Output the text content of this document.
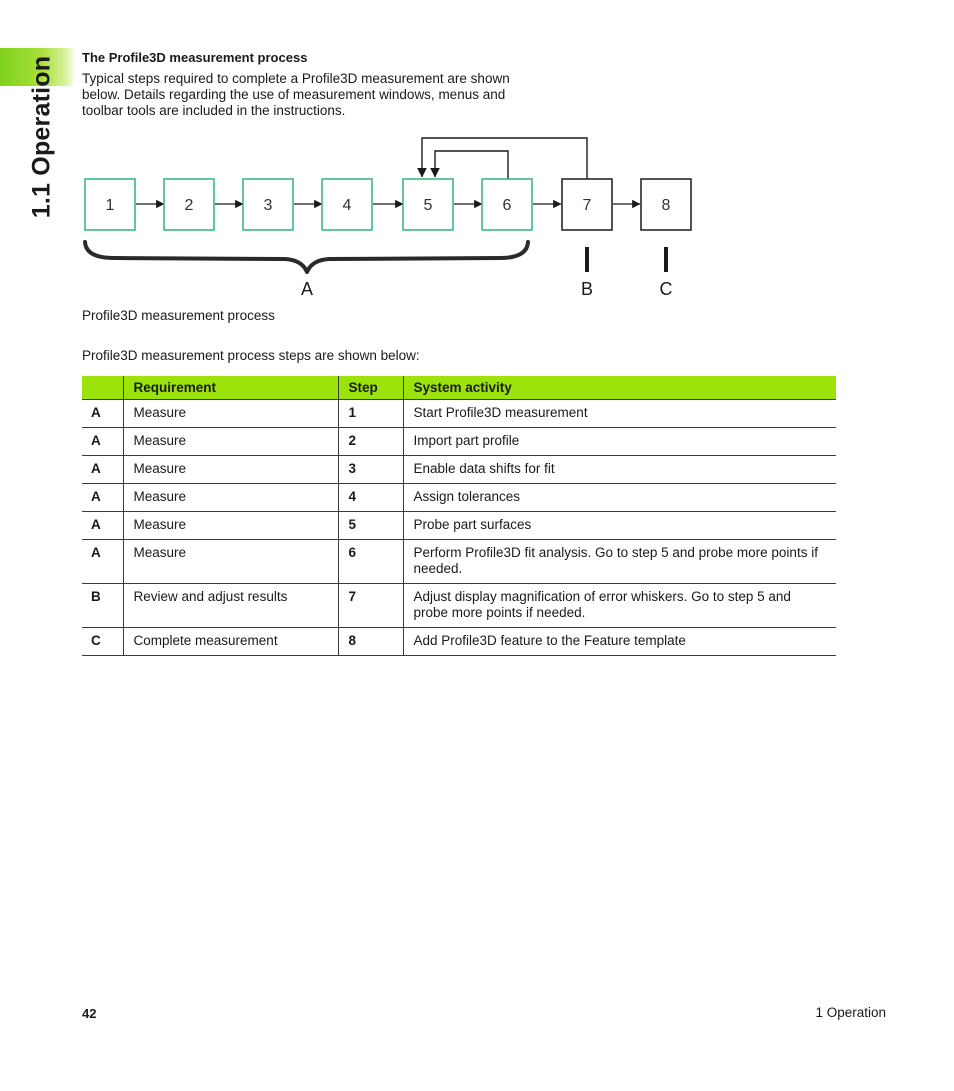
1.1 Operation The Profile3D measurement process
Typical steps required to complete a Profile3D measurement are shown below. Details regarding the use of measurement windows, menus and toolbar tools are included in the instructions.
1	2	3	4	5	6	7	8
A	B	C
Profile3D measurement process
Profile3D measurement process steps are shown below:
	Requirement	Step	System activity
A	Measure	1	Start Profile3D measurement
A	Measure	2	Import part profile
A	Measure	3	Enable data shifts for fit
A	Measure	4	Assign tolerances
A	Measure	5	Probe part surfaces
A	Measure	6	Perform Profile3D fit analysis. Go to step 5 and probe more points if needed.
B	Review and adjust results	7	Adjust display magnification of error whiskers. Go to step 5 and probe more points if needed.
C	Complete measurement	8	Add Profile3D feature to the Feature template
42	1 Operation
